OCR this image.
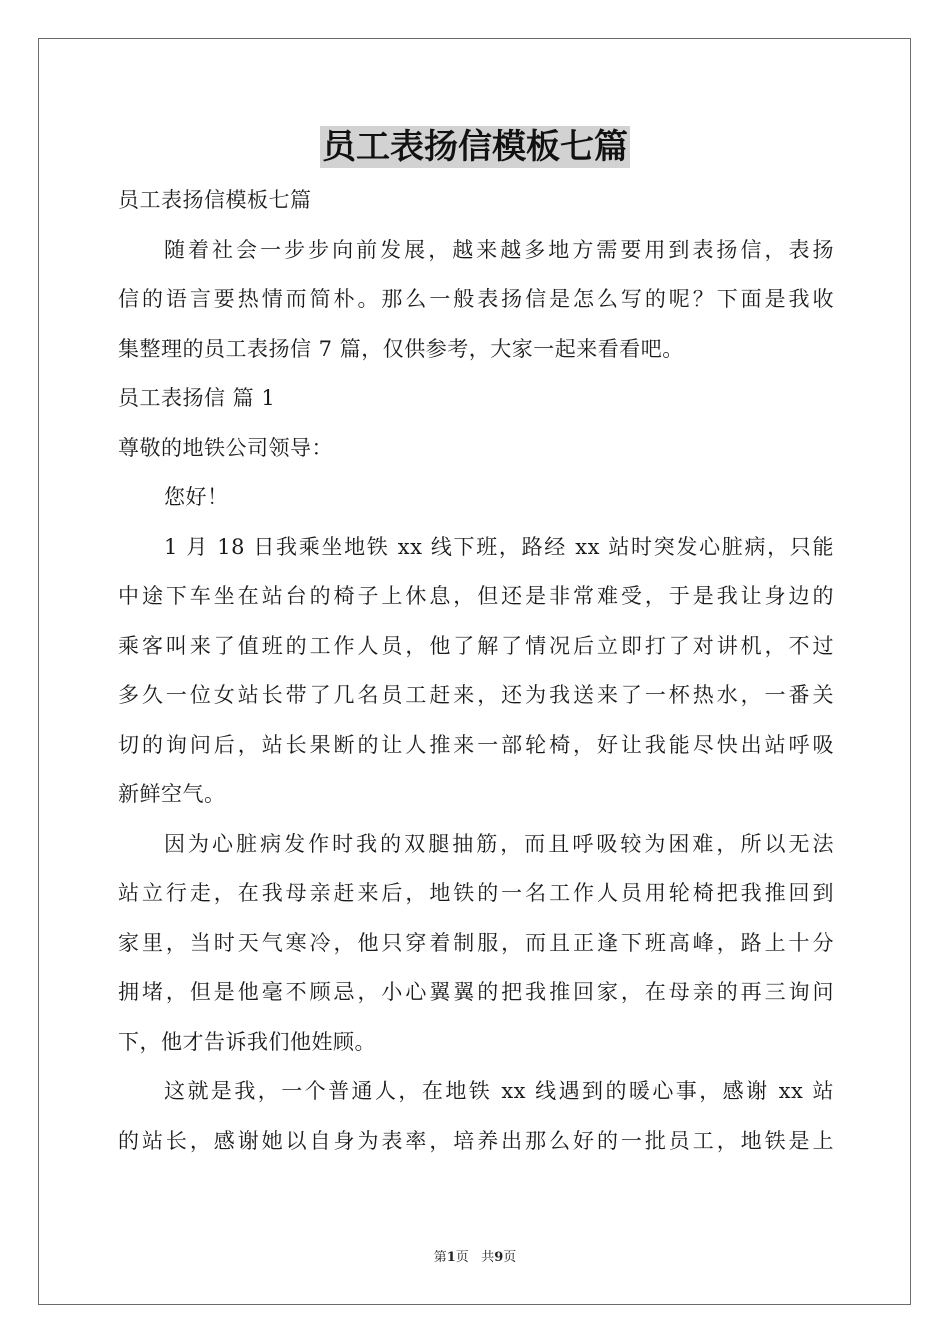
员工表扬信模板七篇
员工表扬信模板七篇
随着社会一步步向前发展，越来越多地方需要用到表扬信，表扬
信的语言要热情而简朴。那么一般表扬信是怎么写的呢？下面是我收
集整理的员工表扬信 7 篇，仅供参考，大家一起来看看吧。
员工表扬信 篇 1
尊敬的地铁公司领导：
您好！
1 月 18 日我乘坐地铁 xx 线下班，路经 xx 站时突发心脏病，只能
中途下车坐在站台的椅子上休息，但还是非常难受，于是我让身边的
乘客叫来了值班的工作人员，他了解了情况后立即打了对讲机，不过
多久一位女站长带了几名员工赶来，还为我送来了一杯热水，一番关
切的询问后，站长果断的让人推来一部轮椅，好让我能尽快出站呼吸
新鲜空气。
因为心脏病发作时我的双腿抽筋，而且呼吸较为困难，所以无法
站立行走，在我母亲赶来后，地铁的一名工作人员用轮椅把我推回到
家里，当时天气寒冷，他只穿着制服，而且正逢下班高峰，路上十分
拥堵，但是他毫不顾忌，小心翼翼的把我推回家，在母亲的再三询问
下，他才告诉我们他姓顾。
这就是我，一个普通人，在地铁 xx 线遇到的暖心事，感谢 xx 站
的站长，感谢她以自身为表率，培养出那么好的一批员工，地铁是上
第1页 共9页
